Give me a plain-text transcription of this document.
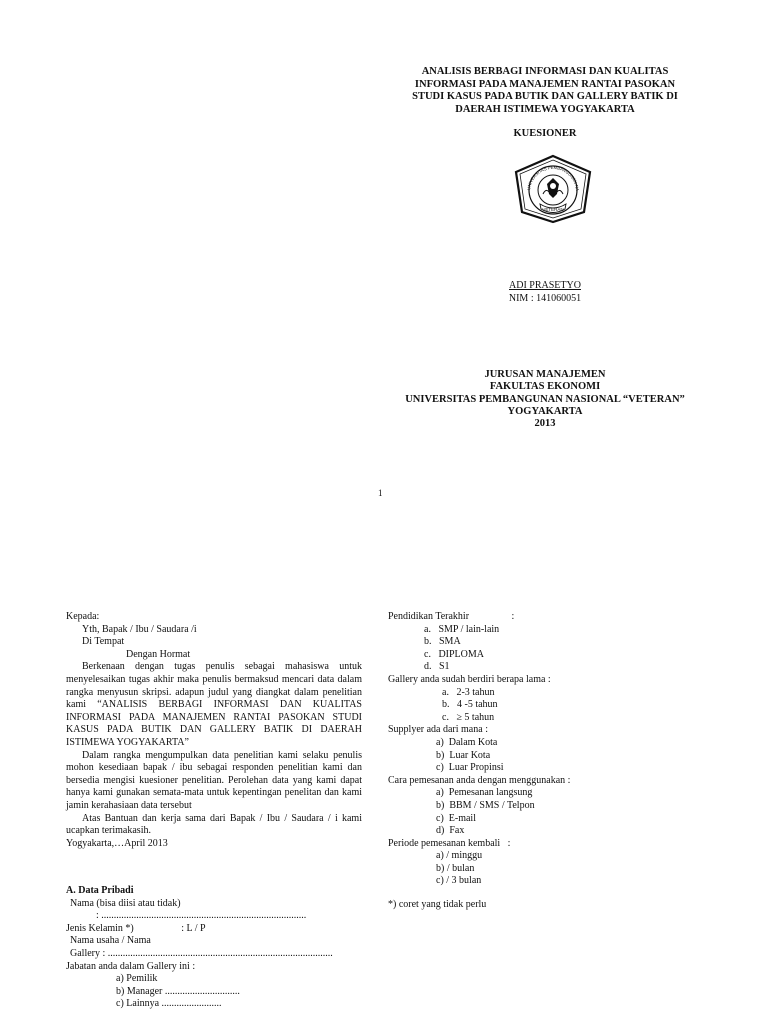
ANALISIS BERBAGI INFORMASI DAN KUALITAS
INFORMASI PADA MANAJEMEN RANTAI PASOKAN
STUDI KASUS PADA BUTIK DAN GALLERY BATIK DI
DAERAH ISTIMEWA YOGYAKARTA
KUESIONER
UNIVERSITAS PEMBANGUNAN NA
VETERAN
ADI PRASETYO
NIM : 141060051
JURUSAN MANAJEMEN
FAKULTAS EKONOMI
UNIVERSITAS PEMBANGUNAN NASIONAL “VETERAN”
YOGYAKARTA
2013
1

Kepada:

Yth, Bapak / Ibu / Saudara /i

Di Tempat

Dengan Hormat

Berkenaan dengan tugas penulis sebagai mahasiswa untuk menyelesaikan tugas akhir maka penulis bermaksud mencari data dalam rangka menyusun skripsi. adapun judul yang diangkat dalam penelitian kami “ANALISIS BERBAGI INFORMASI DAN KUALITAS INFORMASI PADA MANAJEMEN RANTAI PASOKAN STUDI KASUS PADA BUTIK DAN GALLERY BATIK DI DAERAH ISTIMEWA YOGYAKARTA”

Dalam rangka mengumpulkan data penelitian kami selaku penulis mohon kesediaan bapak / ibu sebagai responden penelitian kami dan bersedia mengisi kuesioner penelitian. Perolehan data yang kami dapat hanya kami gunakan semata-mata untuk kepentingan penelitan dan kami jamin kerahasiaan data tersebut

Atas Bantuan dan kerja sama dari Bapak / Ibu / Saudara / i kami ucapkan terimakasih.

Yogyakarta,…April 2013

A. Data Pribadi
Nama (bisa diisi atau tidak)
: ..................................................................................
Jenis Kelamin *)                   : L / P
Nama usaha / Nama
Gallery : ..........................................................................................
Jabatan anda dalam Gallery ini :
a) Pemilik
b) Manager ..............................
c) Lainnya ........................
Pendidikan Terakhir                 :
a.   SMP / lain-lain
b.   SMA
c.   DIPLOMA
d.   S1
Gallery anda sudah berdiri berapa lama :
a.   2-3 tahun
b.   4 -5 tahun
c.   ≥ 5 tahun
Supplyer ada dari mana :
a)  Dalam Kota
b)  Luar Kota
c)  Luar Propinsi
Cara pemesanan anda dengan menggunakan :
a)  Pemesanan langsung
b)  BBM / SMS / Telpon
c)  E-mail
d)  Fax
Periode pemesanan kembali   :
a) / minggu
b) / bulan
c) / 3 bulan
*) coret yang tidak perlu
